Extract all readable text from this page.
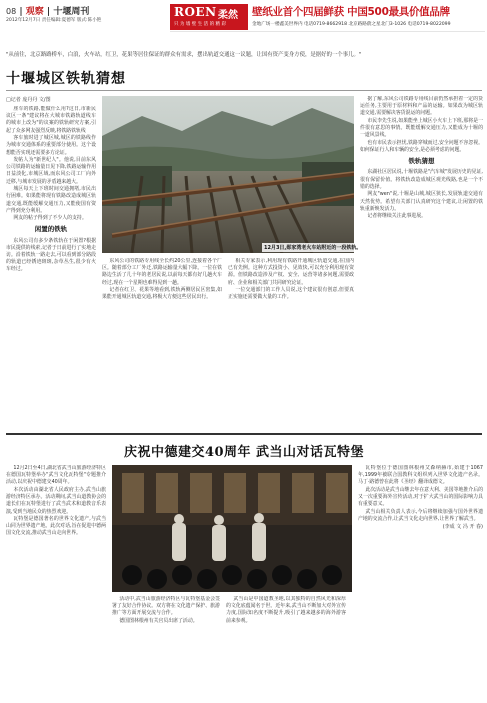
08 | 观察 | 十堰周刊
2012年12月7日 责任编辑:夏德军 版式:陈小艳
ROEN 柔然
只 为 墙 壁 生 活 的 精 彩
壁纸业首个四届鲜获 中国500最具价值品牌
金地广场一楼鑫美世界内 电话0719-8662918 北京路路蔚之星北门3-1026 电话0719-8022099
"从前往，北京路路桥车，白浪，火车站，红卫，花果等居住保证的群众有需求，摆出轨道交通这一议题，让国有资产变身方使，是据好的一个事儿。"
十堰城区铁轨猜想
□记者 庞丹丹 文/图

座车的铁路,能做什么用?这日,市新民议区一条"建议将在大城市铁路轨道线车的城市上改为"的议案的铁轨研究方案,引起了众多网友强烈反映,将铁路铁轨线

客车旅时进了城区城,城区的铁路线作为城市交通体系的重要部分使用。这个设想能否实现还需要多方论证。

发帖人为"新世纪人"。他说,目前东风公司铁路的运输量日见下降,铁路运输作用日益淡化,市城区域,而东风公司工厂向外迁移,与城市发展的矛盾越来越大。

城区每天上下班时间交通拥堵,市民出行困难。如果能将现有铁路改造成城区轨道交通,既能缓解交通压力,又能使国有资产得到充分利用。

网友的帖子得到了不少人的支持。

闲置的铁轨

东风公司有多少条铁轨在于闲置?根据市民提供的线索,记者于日前进行了实地走访。沿着铁轨一路走去,可以看到部分路段的轨道已经锈迹斑斑,杂草丛生,很少有火车经过。

12月3日,郧家湾老火车站附近的一段铁轨。

东风公司的铁路专用线全长约20公里,连接着各个厂区。随着部分工厂外迁,铁路运输量大幅下降。一位在铁路边生活了几十年的老居民说,以前每天都有好几趟火车经过,现在一个星期也难得见到一趟。

记者在红卫、花果等地看到,铁轨两侧居民区密集,如果能开通城区轨道交通,将极大方便这些居民出行。

相关专家表示,利用现有铁路开通城区轨道交通,在国内已有先例。这种方式投资小、见效快,可以充分利用现有资源。但铁路改造涉及产权、安全、运营等诸多问题,需要政府、企业和相关部门共同研究论证。

一位交通部门的工作人员说,这个建议很有创意,但要真正实施还需要做大量的工作。

据了解,东风公司铁路专用线目前仍然承担着一定的货运任务,主要用于原材料和产品的运输。如果改为城区轨道交通,需要解决客货混运的问题。

市民李先生说,如果能坐上城区小火车上下班,那将是一件很有意思的事情。既能缓解交通压力,又能成为十堰的一道风景线。

也有市民表示担忧,铁路穿城而过,安全问题不容忽视。如何保证行人和车辆的安全,是必须考虑的问题。

铁轨猜想

东湖社区居民说,十堰铁路是"汽车城"发展历史的见证,很有保留价值。将铁轨改造成城区观光线路,也是一个不错的选择。

网友"wen"说,十堰是山城,城区狭长,发展轨道交通有天然优势。希望有关部门认真研究这个建议,让闲置的铁轨重新焕发活力。

记者将继续关注此事进展。

庆祝中德建交40周年 武当山对话瓦特堡

12月2日至4日,湖北省武当山旅游经济特区在德国瓦特堡举办"武当文化瓦特堡"专题推介活动,以庆祝中德建交40周年。

本次活动由湖北省人民政府主办,武当山旅游经济特区承办。活动期间,武当山道教协会的道长们在瓦特堡进行了武当武术和道教音乐表演,受到当地民众的热烈欢迎。

瓦特堡是德国著名的世界文化遗产,与武当山同为世界遗产地。此次对话,旨在促进中德两国文化交流,推动武当山走向世界。

活动中,武当山旅游经济特区与瓦特堡基金会签署了友好合作协议。双方将在文化遗产保护、旅游推广等方面开展交流与合作。

德国图林根州有关官员出席了活动。

武当山是中国道教圣地,以其独特的自然风光和深厚的文化底蕴闻名于世。近年来,武当山不断加大对外宣传力度,国际知名度不断提升,吸引了越来越多的海外游客前来参观。

瓦特堡位于德国图林根州艾森纳赫市,始建于1067年,1999年被联合国教科文组织列入世界文化遗产名录。马丁·路德曾在此将《圣经》翻译成德文。

此次活动是武当山继去年在意大利、美国等地推介后的又一次重要海外宣传活动,对于扩大武当山的国际影响力具有重要意义。

武当山相关负责人表示,今后将继续加强与国外世界遗产地的交流合作,让武当文化走向世界,让世界了解武当。

(李成 文 冯 开 春)
